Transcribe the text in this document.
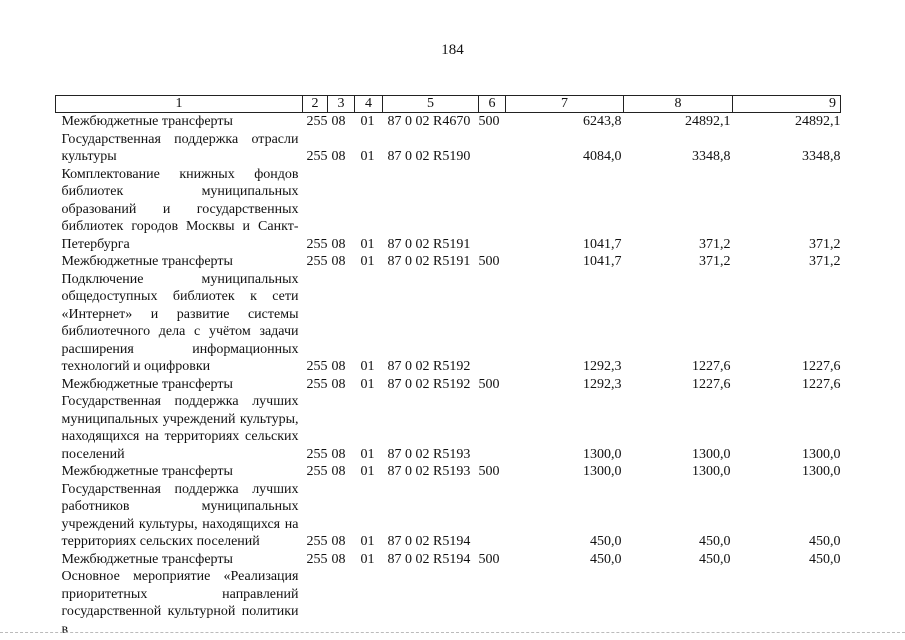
184
1	2	3	4	5	6	7	8	9
Межбюджетные трансферты	255	08	01	87 0 02 R4670	500	6243,8	24892,1	24892,1
Государственная поддержка отрасли культуры	255	08	01	87 0 02 R5190		4084,0	3348,8	3348,8
Комплектование книжных фондов библиотек муниципальных образований и государственных библиотек городов Москвы и Санкт-Петербурга	255	08	01	87 0 02 R5191		1041,7	371,2	371,2
Межбюджетные трансферты	255	08	01	87 0 02 R5191	500	1041,7	371,2	371,2
Подключение муниципальных общедоступных библиотек к сети «Интернет» и развитие системы библиотечного дела с учётом задачи расширения информационных технологий и оцифровки	255	08	01	87 0 02 R5192		1292,3	1227,6	1227,6
Межбюджетные трансферты	255	08	01	87 0 02 R5192	500	1292,3	1227,6	1227,6
Государственная поддержка лучших муниципальных учреждений культуры, находящихся на территориях сельских поселений	255	08	01	87 0 02 R5193		1300,0	1300,0	1300,0
Межбюджетные трансферты	255	08	01	87 0 02 R5193	500	1300,0	1300,0	1300,0
Государственная поддержка лучших работников муниципальных учреждений культуры, находящихся на территориях сельских поселений	255	08	01	87 0 02 R5194		450,0	450,0	450,0
Межбюджетные трансферты	255	08	01	87 0 02 R5194	500	450,0	450,0	450,0
Основное мероприятие «Реализация приоритетных направлений государственной культурной политики в								
